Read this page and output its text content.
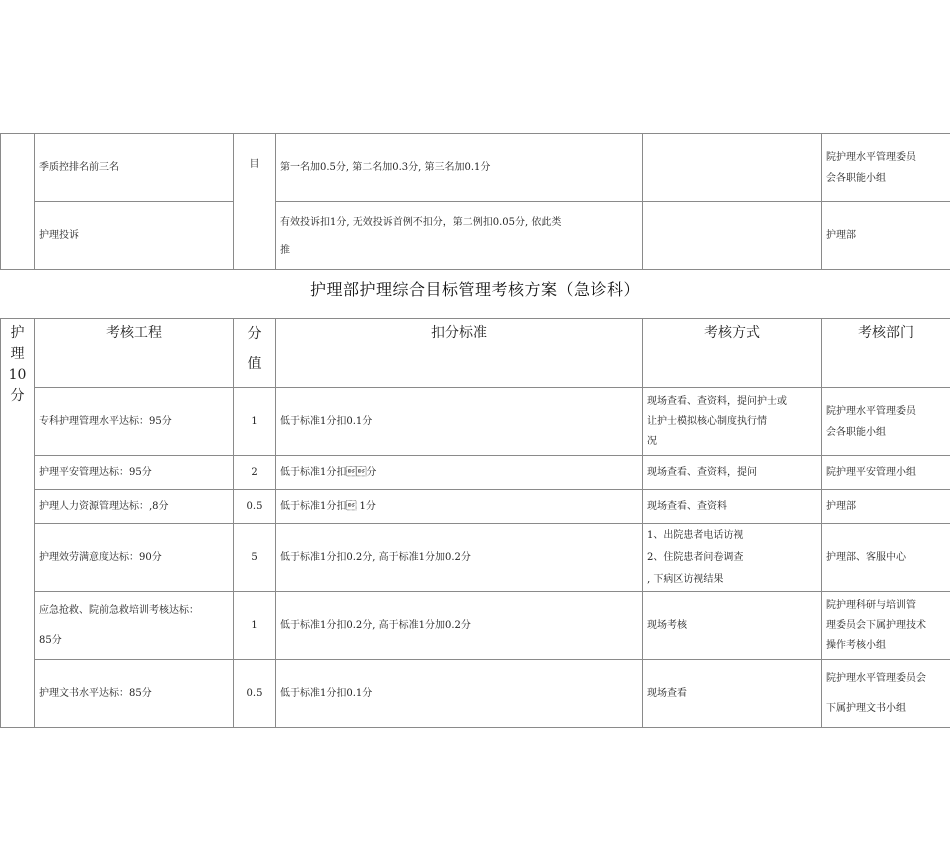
	季质控排名前三名	目	第一名加0.5分, 第二名加0.3分, 第三名加0.1分		院护理水平管理委员
会各职能小组

	护理投诉		有效投诉扣1分, 无效投诉首例不扣分，第二例扣0.05分, 依此类
推		护理部
护理部护理综合目标管理考核方案（急诊科）
护
理
10
分	考核工程	分
值	扣分标准	考核方式	考核部门
	专科护理管理水平达标：95分	1	低于标准1分扣0.1分	现场查看、查资料，提问护士或
让护士模拟核心制度执行情
况	院护理水平管理委员
会各职能小组

	护理平安管理达标：95分	2	低于标准1分扣分	现场查看、查资料，提问	院护理平安管理小组
	护理人力资源管理达标：‚8分	0.5	低于标准1分扣 1分	现场查看、查资料	护理部
	护理效劳满意度达标：90分	5	低于标准1分扣0.2分, 高于标准1分加0.2分	1、出院患者电话访视
2、住院患者问卷调查
‚ 下病区访视结果	护理部、客服中心

	应急抢救、院前急救培训考核达标：
85分	1	低于标准1分扣0.2分, 高于标准1分加0.2分	现场考核	院护理科研与培训管
理委员会下属护理技术
操作考核小组

	护理文书水平达标：85分	0.5	低于标准1分扣0.1分	现场查看	院护理水平管理委员会
下属护理文书小组
